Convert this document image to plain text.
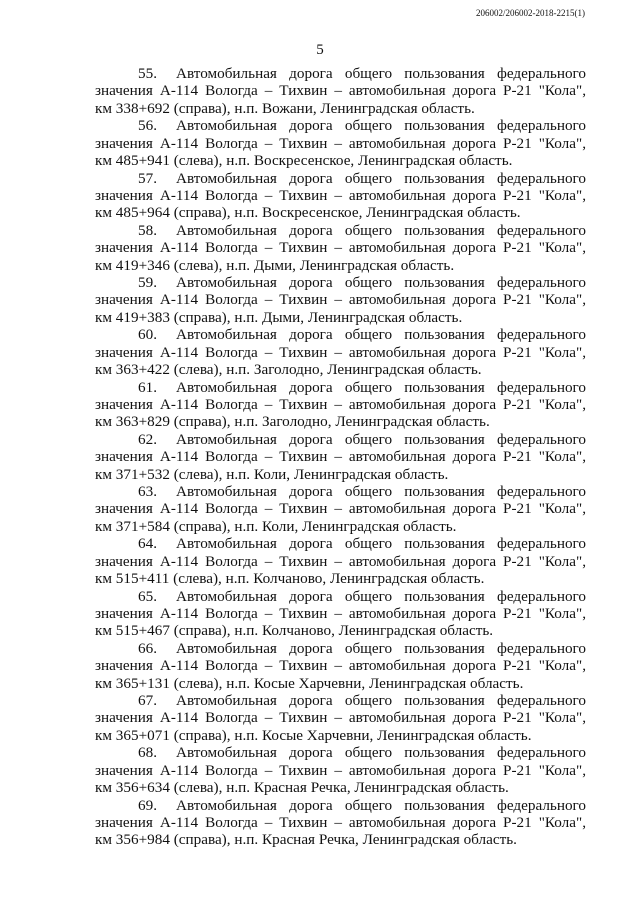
206002/206002-2018-2215(1)
5
55. Автомобильная дорога общего пользования федерального
значения А-114 Вологда – Тихвин – автомобильная дорога Р-21 "Кола",
км 338+692 (справа), н.п. Вожани, Ленинградская область.
56. Автомобильная дорога общего пользования федерального
значения А-114 Вологда – Тихвин – автомобильная дорога Р-21 "Кола",
км 485+941 (слева), н.п. Воскресенское, Ленинградская область.
57. Автомобильная дорога общего пользования федерального
значения А-114 Вологда – Тихвин – автомобильная дорога Р-21 "Кола",
км 485+964 (справа), н.п. Воскресенское, Ленинградская область.
58. Автомобильная дорога общего пользования федерального
значения А-114 Вологда – Тихвин – автомобильная дорога Р-21 "Кола",
км 419+346 (слева), н.п. Дыми, Ленинградская область.
59. Автомобильная дорога общего пользования федерального
значения А-114 Вологда – Тихвин – автомобильная дорога Р-21 "Кола",
км 419+383 (справа), н.п. Дыми, Ленинградская область.
60. Автомобильная дорога общего пользования федерального
значения А-114 Вологда – Тихвин – автомобильная дорога Р-21 "Кола",
км 363+422 (слева), н.п. Заголодно, Ленинградская область.
61. Автомобильная дорога общего пользования федерального
значения А-114 Вологда – Тихвин – автомобильная дорога Р-21 "Кола",
км 363+829 (справа), н.п. Заголодно, Ленинградская область.
62. Автомобильная дорога общего пользования федерального
значения А-114 Вологда – Тихвин – автомобильная дорога Р-21 "Кола",
км 371+532 (слева), н.п. Коли, Ленинградская область.
63. Автомобильная дорога общего пользования федерального
значения А-114 Вологда – Тихвин – автомобильная дорога Р-21 "Кола",
км 371+584 (справа), н.п. Коли, Ленинградская область.
64. Автомобильная дорога общего пользования федерального
значения А-114 Вологда – Тихвин – автомобильная дорога Р-21 "Кола",
км 515+411 (слева), н.п. Колчаново, Ленинградская область.
65. Автомобильная дорога общего пользования федерального
значения А-114 Вологда – Тихвин – автомобильная дорога Р-21 "Кола",
км 515+467 (справа), н.п. Колчаново, Ленинградская область.
66. Автомобильная дорога общего пользования федерального
значения А-114 Вологда – Тихвин – автомобильная дорога Р-21 "Кола",
км 365+131 (слева), н.п. Косые Харчевни, Ленинградская область.
67. Автомобильная дорога общего пользования федерального
значения А-114 Вологда – Тихвин – автомобильная дорога Р-21 "Кола",
км 365+071 (справа), н.п. Косые Харчевни, Ленинградская область.
68. Автомобильная дорога общего пользования федерального
значения А-114 Вологда – Тихвин – автомобильная дорога Р-21 "Кола",
км 356+634 (слева), н.п. Красная Речка, Ленинградская область.
69. Автомобильная дорога общего пользования федерального
значения А-114 Вологда – Тихвин – автомобильная дорога Р-21 "Кола",
км 356+984 (справа), н.п. Красная Речка, Ленинградская область.
